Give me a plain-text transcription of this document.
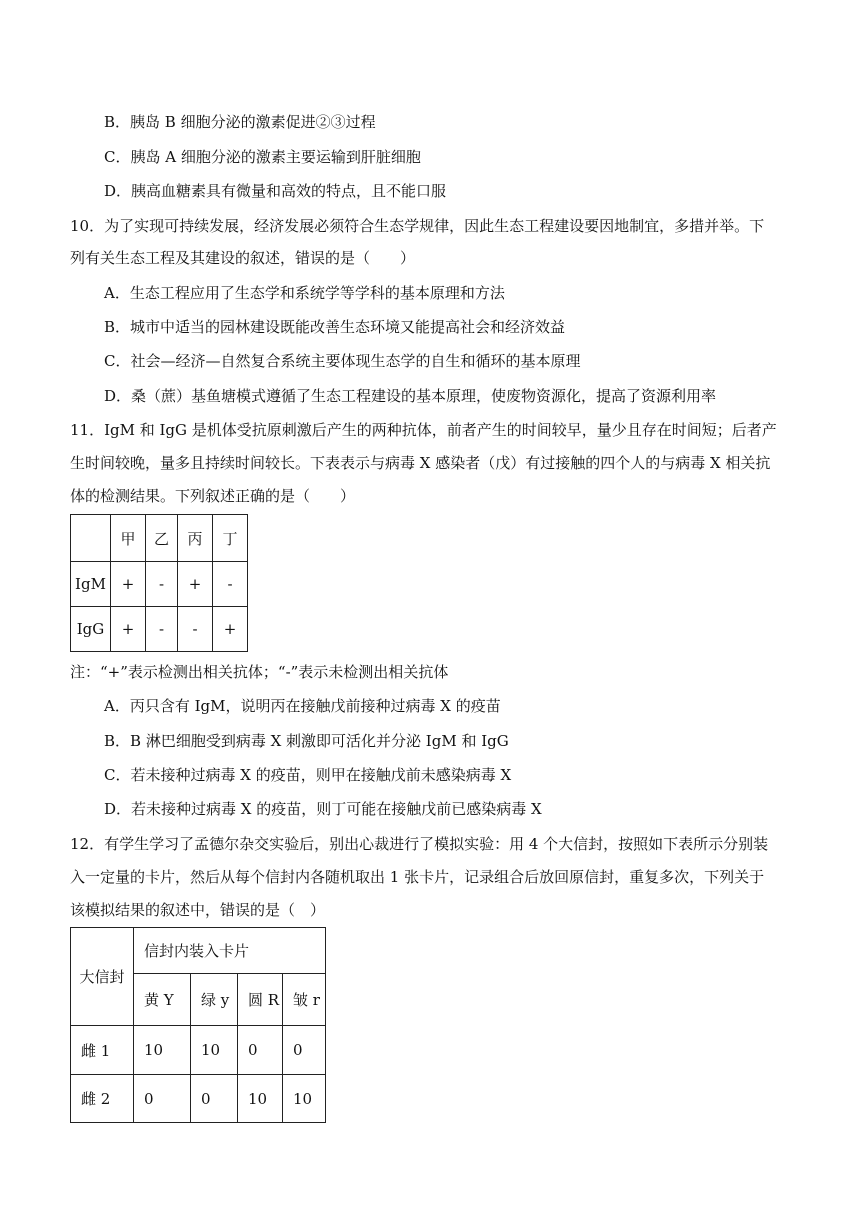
B．胰岛 B 细胞分泌的激素促进②③过程
C．胰岛 A 细胞分泌的激素主要运输到肝脏细胞
D．胰高血糖素具有微量和高效的特点，且不能口服
10．为了实现可持续发展，经济发展必须符合生态学规律，因此生态工程建设要因地制宜，多措并举。下
列有关生态工程及其建设的叙述，错误的是（　　）
A．生态工程应用了生态学和系统学等学科的基本原理和方法
B．城市中适当的园林建设既能改善生态环境又能提高社会和经济效益
C．社会—经济—自然复合系统主要体现生态学的自生和循环的基本原理
D．桑（蔗）基鱼塘模式遵循了生态工程建设的基本原理，使废物资源化，提高了资源利用率
11．IgM 和 IgG 是机体受抗原刺激后产生的两种抗体，前者产生的时间较早，量少且存在时间短；后者产
生时间较晚，量多且持续时间较长。下表表示与病毒 X 感染者（戊）有过接触的四个人的与病毒 X 相关抗
体的检测结果。下列叙述正确的是（　　）
	甲	乙	丙	丁
IgM	+	-	+	-
IgG	+	-	-	+
注：“+”表示检测出相关抗体；“-”表示未检测出相关抗体
A．丙只含有 IgM，说明丙在接触戊前接种过病毒 X 的疫苗
B．B 淋巴细胞受到病毒 X 刺激即可活化并分泌 IgM 和 IgG
C．若未接种过病毒 X 的疫苗，则甲在接触戊前未感染病毒 X
D．若未接种过病毒 X 的疫苗，则丁可能在接触戊前已感染病毒 X
12．有学生学习了孟德尔杂交实验后，别出心裁进行了模拟实验：用 4 个大信封，按照如下表所示分别装
入一定量的卡片，然后从每个信封内各随机取出 1 张卡片，记录组合后放回原信封，重复多次，下列关于
该模拟结果的叙述中，错误的是（　）
大信封	信封内装入卡片			
	黄 Y	绿 y	圆 R	皱 r
雌 1	10	10	0	0
雌 2	0	0	10	10
